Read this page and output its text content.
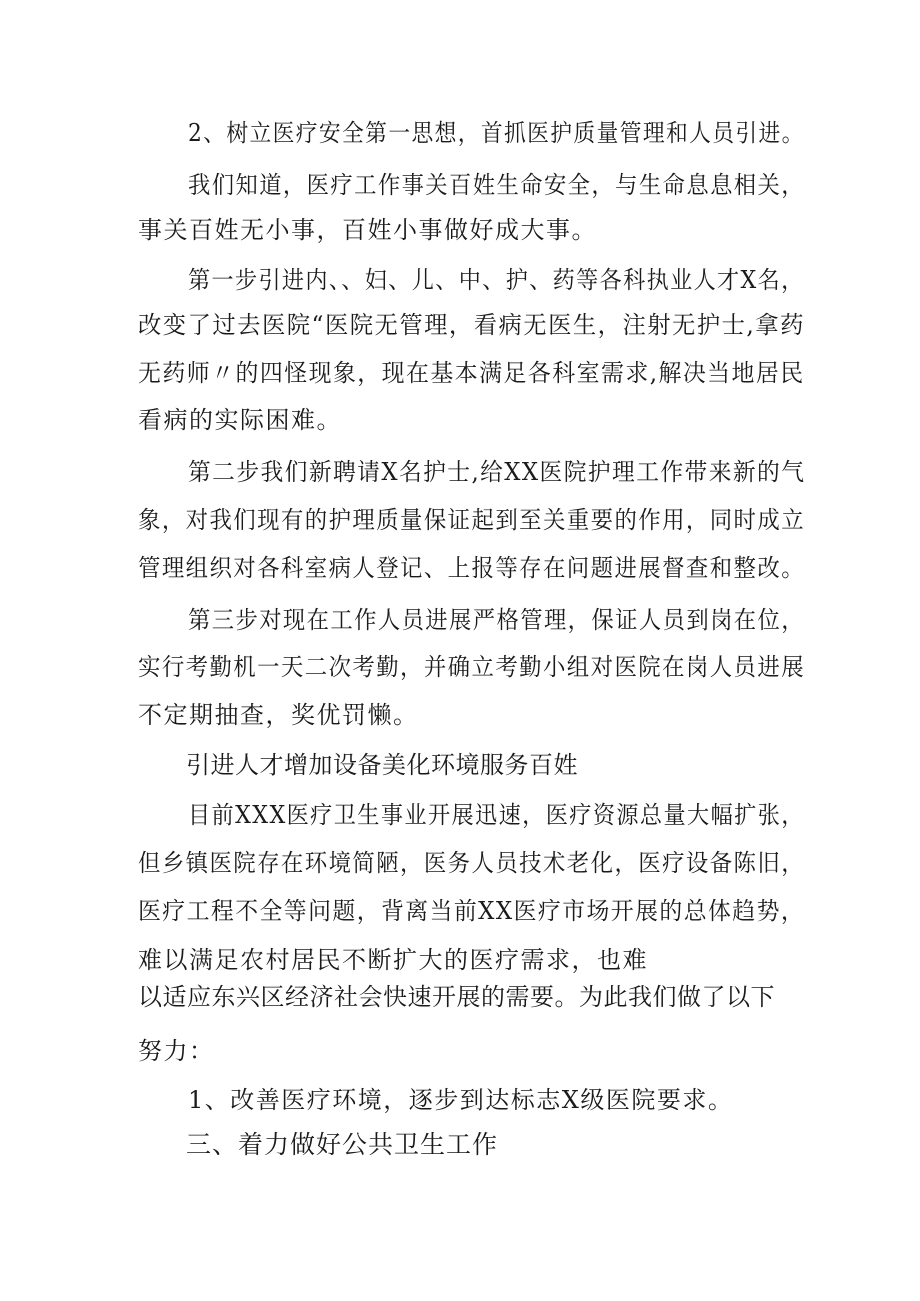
2、树立医疗安全第一思想，首抓医护质量管理和人员引进。
我们知道，医疗工作事关百姓生命安全，与生命息息相关，
事关百姓无小事，百姓小事做好成大事。
第一步引进内、、妇、儿、中、护、药等各科执业人才X名，
改变了过去医院“医院无管理，看病无医生，注射无护士,拿药
无药师〃的四怪现象，现在基本满足各科室需求,解决当地居民
看病的实际困难。
第二步我们新聘请X名护士,给XX医院护理工作带来新的气
象，对我们现有的护理质量保证起到至关重要的作用，同时成立
管理组织对各科室病人登记、上报等存在问题进展督查和整改。
第三步对现在工作人员进展严格管理，保证人员到岗在位，
实行考勤机一天二次考勤，并确立考勤小组对医院在岗人员进展
不定期抽查，奖优罚懒。
引进人才增加设备美化环境服务百姓
目前XXX医疗卫生事业开展迅速，医疗资源总量大幅扩张，
但乡镇医院存在环境简陋，医务人员技术老化，医疗设备陈旧，
医疗工程不全等问题，背离当前XX医疗市场开展的总体趋势，
难以满足农村居民不断扩大的医疗需求，也难
以适应东兴区经济社会快速开展的需要。为此我们做了以下
努力：
1、改善医疗环境，逐步到达标志X级医院要求。
三、着力做好公共卫生工作
